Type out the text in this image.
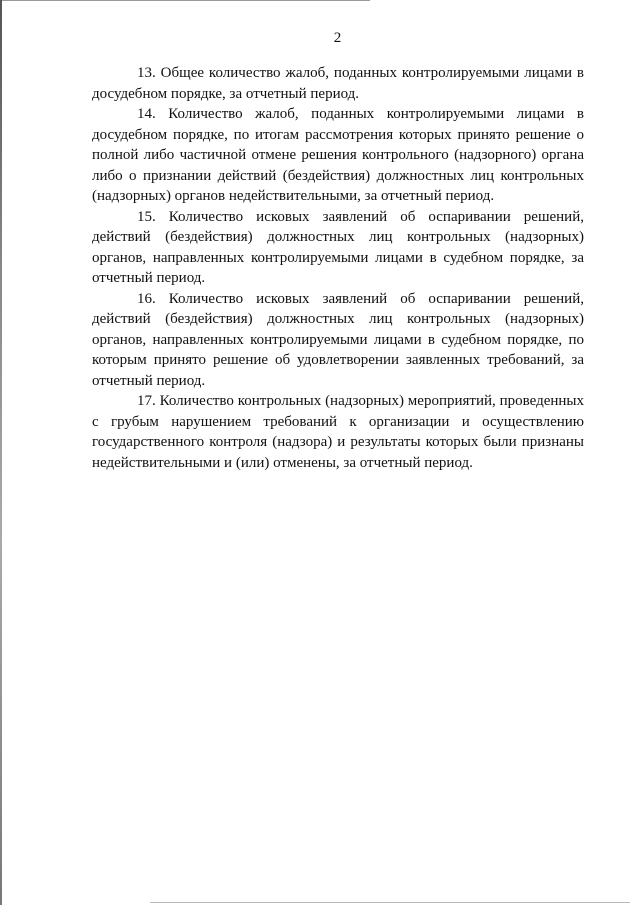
2

13. Общее количество жалоб, поданных контролируемыми лицами в досудебном порядке, за отчетный период.

14. Количество жалоб, поданных контролируемыми лицами в досудебном порядке, по итогам рассмотрения которых принято решение о полной либо частичной отмене решения контрольного (надзорного) органа либо о признании действий (бездействия) должностных лиц контрольных (надзорных) органов недействительными, за отчетный период.

15. Количество исковых заявлений об оспаривании решений, действий (бездействия) должностных лиц контрольных (надзорных) органов, направленных контролируемыми лицами в судебном порядке, за отчетный период.

16. Количество исковых заявлений об оспаривании решений, действий (бездействия) должностных лиц контрольных (надзорных) органов, направленных контролируемыми лицами в судебном порядке, по которым принято решение об удовлетворении заявленных требований, за отчетный период.

17. Количество контрольных (надзорных) мероприятий, проведенных с грубым нарушением требований к организации и осуществлению государственного контроля (надзора) и результаты которых были признаны недействительными и (или) отменены, за отчетный период.
